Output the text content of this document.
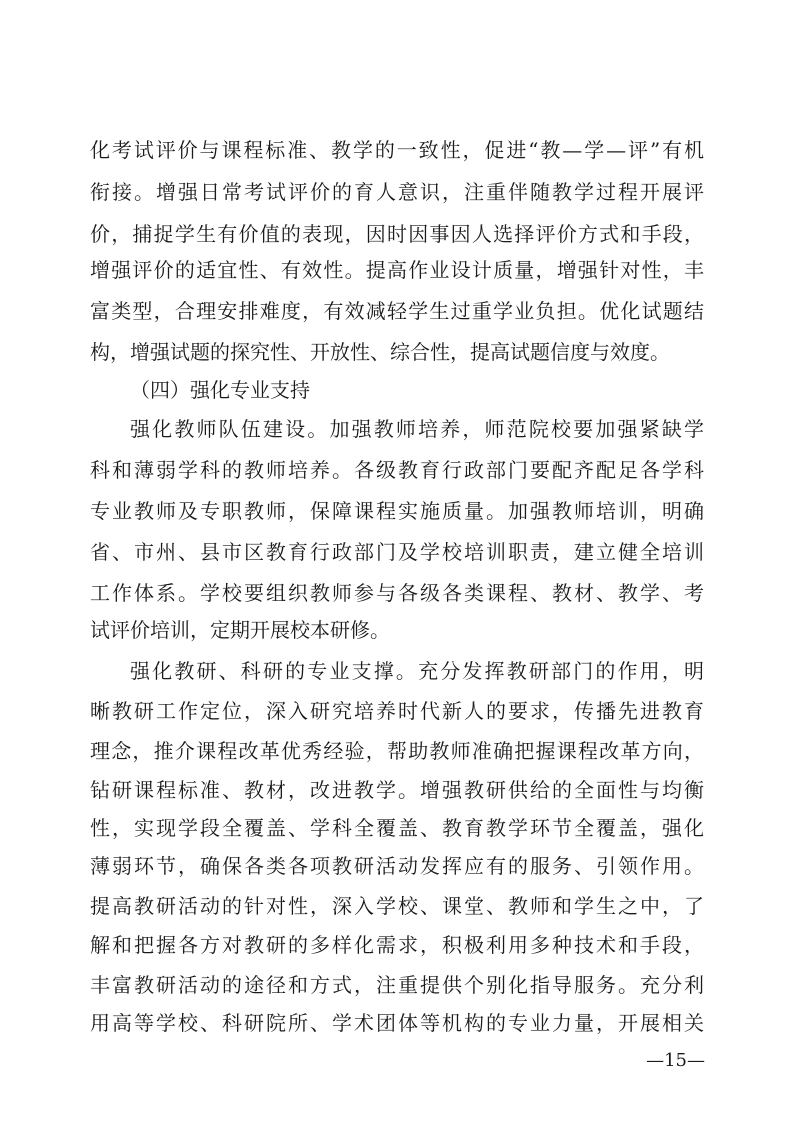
化考试评价与课程标准、教学的一致性，促进“教—学—评”有机
衔接。增强日常考试评价的育人意识，注重伴随教学过程开展评
价，捕捉学生有价值的表现，因时因事因人选择评价方式和手段，
增强评价的适宜性、有效性。提高作业设计质量，增强针对性，丰
富类型，合理安排难度，有效减轻学生过重学业负担。优化试题结
构，增强试题的探究性、开放性、综合性，提高试题信度与效度。
（四）强化专业支持
强化教师队伍建设。加强教师培养，师范院校要加强紧缺学
科和薄弱学科的教师培养。各级教育行政部门要配齐配足各学科
专业教师及专职教师，保障课程实施质量。加强教师培训，明确
省、市州、县市区教育行政部门及学校培训职责，建立健全培训
工作体系。学校要组织教师参与各级各类课程、教材、教学、考
试评价培训，定期开展校本研修。
强化教研、科研的专业支撑。充分发挥教研部门的作用，明
晰教研工作定位，深入研究培养时代新人的要求，传播先进教育
理念，推介课程改革优秀经验，帮助教师准确把握课程改革方向，
钻研课程标准、教材，改进教学。增强教研供给的全面性与均衡
性，实现学段全覆盖、学科全覆盖、教育教学环节全覆盖，强化
薄弱环节，确保各类各项教研活动发挥应有的服务、引领作用。
提高教研活动的针对性，深入学校、课堂、教师和学生之中，了
解和把握各方对教研的多样化需求，积极利用多种技术和手段，
丰富教研活动的途径和方式，注重提供个别化指导服务。充分利
用高等学校、科研院所、学术团体等机构的专业力量，开展相关
—15—
